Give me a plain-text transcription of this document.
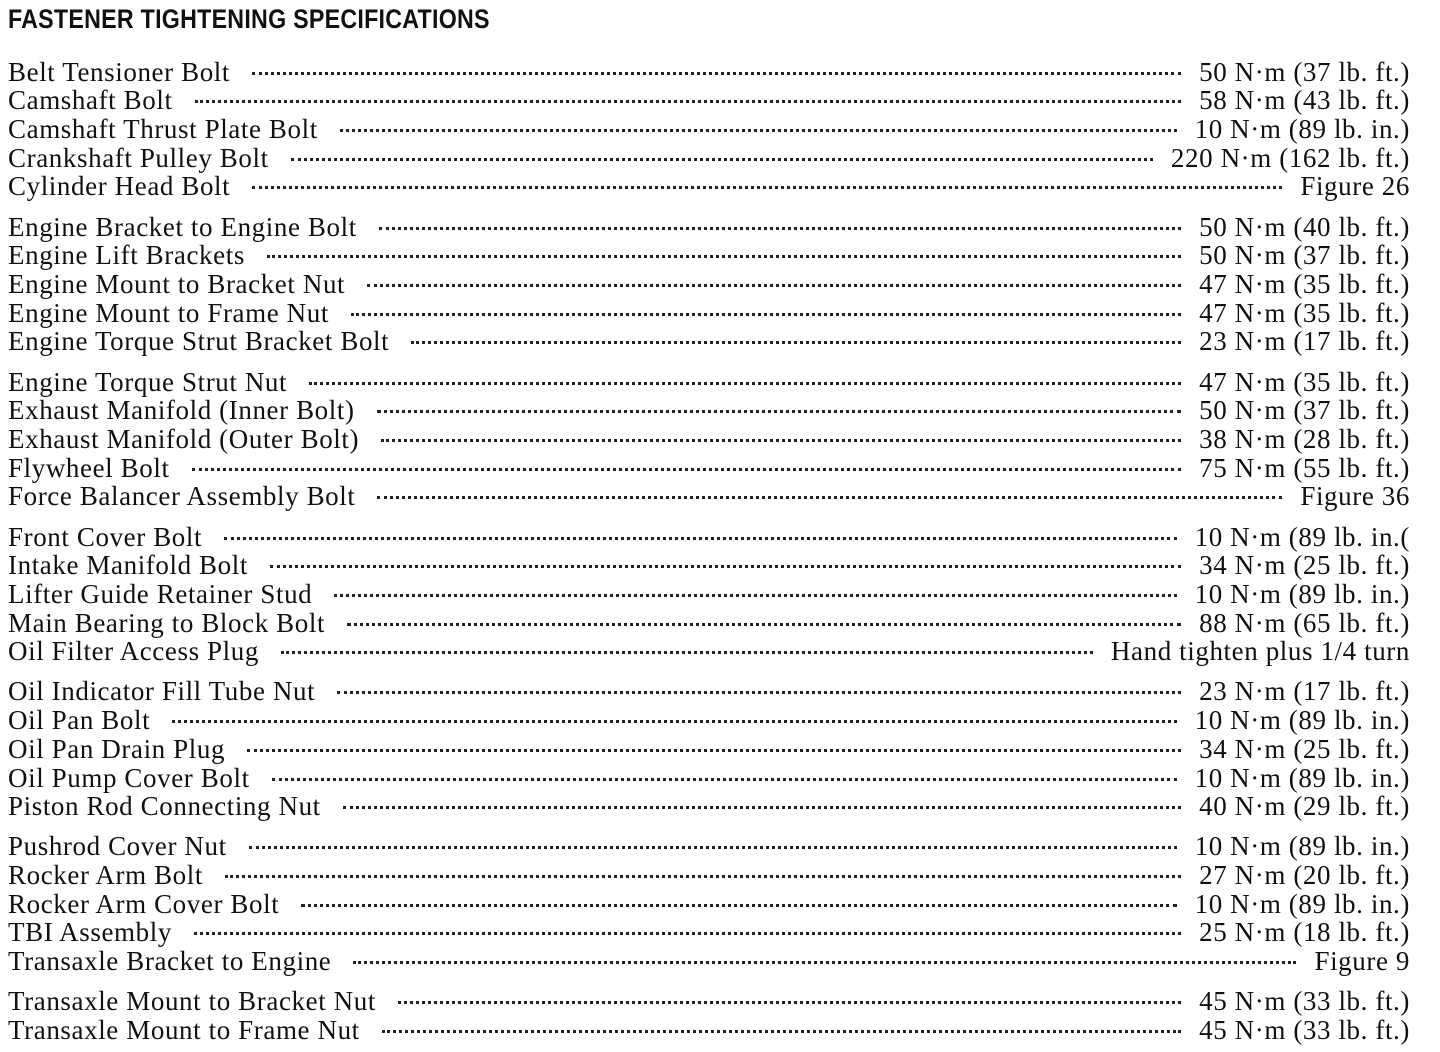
FASTENER TIGHTENING SPECIFICATIONS
Belt Tensioner Bolt	50 N·m (37 lb. ft.)
Camshaft Bolt	58 N·m (43 lb. ft.)
Camshaft Thrust Plate Bolt	10 N·m (89 lb. in.)
Crankshaft Pulley Bolt	220 N·m (162 lb. ft.)
Cylinder Head Bolt	Figure 26
Engine Bracket to Engine Bolt	50 N·m (40 lb. ft.)
Engine Lift Brackets	50 N·m (37 lb. ft.)
Engine Mount to Bracket Nut	47 N·m (35 lb. ft.)
Engine Mount to Frame Nut	47 N·m (35 lb. ft.)
Engine Torque Strut Bracket Bolt	23 N·m (17 lb. ft.)
Engine Torque Strut Nut	47 N·m (35 lb. ft.)
Exhaust Manifold (Inner Bolt)	50 N·m (37 lb. ft.)
Exhaust Manifold (Outer Bolt)	38 N·m (28 lb. ft.)
Flywheel Bolt	75 N·m (55 lb. ft.)
Force Balancer Assembly Bolt	Figure 36
Front Cover Bolt	10 N·m (89 lb. in.(
Intake Manifold Bolt	34 N·m (25 lb. ft.)
Lifter Guide Retainer Stud	10 N·m (89 lb. in.)
Main Bearing to Block Bolt	88 N·m (65 lb. ft.)
Oil Filter Access Plug	Hand tighten plus 1/4 turn
Oil Indicator Fill Tube Nut	23 N·m (17 lb. ft.)
Oil Pan Bolt	10 N·m (89 lb. in.)
Oil Pan Drain Plug	34 N·m (25 lb. ft.)
Oil Pump Cover Bolt	10 N·m (89 lb. in.)
Piston Rod Connecting Nut	40 N·m (29 lb. ft.)
Pushrod Cover Nut	10 N·m (89 lb. in.)
Rocker Arm Bolt	27 N·m (20 lb. ft.)
Rocker Arm Cover Bolt	10 N·m (89 lb. in.)
TBI Assembly	25 N·m (18 lb. ft.)
Transaxle Bracket to Engine	Figure 9
Transaxle Mount to Bracket Nut	45 N·m (33 lb. ft.)
Transaxle Mount to Frame Nut	45 N·m (33 lb. ft.)
